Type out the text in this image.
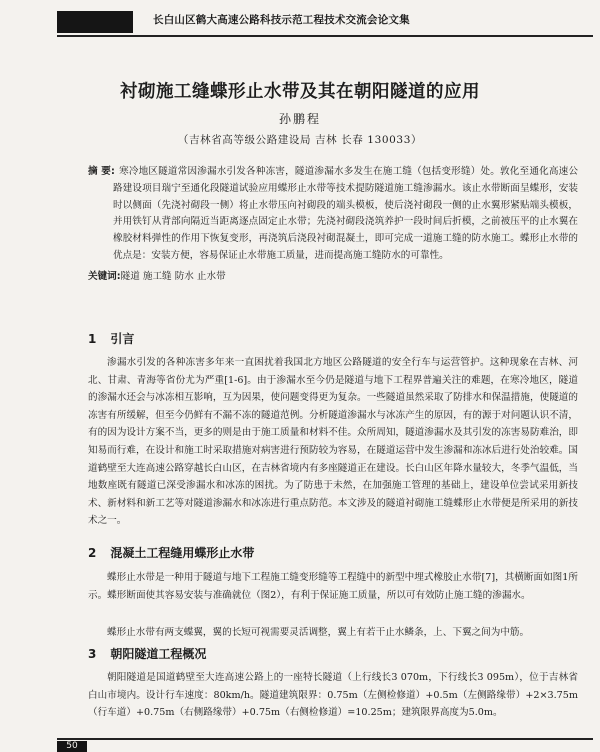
长白山区鹤大高速公路科技示范工程技术交流会论文集
衬砌施工缝蝶形止水带及其在朝阳隧道的应用
孙鹏程
（吉林省高等级公路建设局 吉林 长春 130033）

摘 要: 寒冷地区隧道常因渗漏水引发各种冻害，隧道渗漏水多发生在施工缝（包括变形缝）处。敦化至通化高速公路建设项目瑞宁至通化段隧道试验应用蝶形止水带等技术提防隧道施工缝渗漏水。该止水带断面呈蝶形，安装时以侧面（先浇衬砌段一侧）将止水带压向衬砌段的端头模板，使后浇衬砌段一侧的止水翼形紧贴端头模板，并用铁钉从背部向隔近当距离逐点固定止水带；先浇衬砌段浇筑养护一段时间后折模，之前被压平的止水翼在橡胶材料弹性的作用下恢复变形，再浇筑后浇段衬砌混凝土，即可完成一道施工缝的防水施工。蝶形止水带的优点是：安装方便，容易保证止水带施工质量，进而提高施工缝防水的可靠性。

关键词:隧道 施工缝 防水 止水带
1 引言

渗漏水引发的各种冻害多年来一直困扰着我国北方地区公路隧道的安全行车与运营管护。这种现象在吉林、河北、甘肃、青海等省份尤为严重[1-6]。由于渗漏水至今仍是隧道与地下工程界普遍关注的难题，在寒冷地区，隧道的渗漏水还会与冰冻相互影响，互为因果，使问题变得更为复杂。一些隧道虽然采取了防排水和保温措施，使隧道的冻害有所缓解，但至今仍鲜有不漏不冻的隧道范例。分析隧道渗漏水与冰冻产生的原因，有的源于对问题认识不清，有的因为设计方案不当，更多的则是由于施工质量和材料不佳。众所周知，隧道渗漏水及其引发的冻害易防难治，即知易而行难，在设计和施工时采取措施对病害进行预防较为容易，在隧道运营中发生渗漏和冻冰后进行处治较难。国道鹤壁至大连高速公路穿越长白山区，在吉林省境内有多座隧道正在建设。长白山区年降水量较大，冬季气温低，当地数座既有隧道已深受渗漏水和冰冻的困扰。为了防患于未然，在加强施工管理的基础上，建设单位尝试采用新技术、新材料和新工艺等对隧道渗漏水和冰冻进行重点防范。本文涉及的隧道衬砌施工缝蝶形止水带便是所采用的新技术之一。

2 混凝土工程缝用蝶形止水带

蝶形止水带是一种用于隧道与地下工程施工缝变形缝等工程缝中的新型中埋式橡胶止水带[7]，其横断面如图1所示。蝶形断面使其容易安装与准确就位（图2），有利于保证施工质量，所以可有效防止施工缝的渗漏水。

蝶形止水带有两支蝶翼，翼的长短可视需要灵活调整，翼上有若干止水鳞条，上、下翼之间为中筋。

3 朝阳隧道工程概况

朝阳隧道是国道鹤壁至大连高速公路上的一座特长隧道（上行线长3 070m，下行线长3 095m），位于吉林省白山市境内。设计行车速度：80km/h。隧道建筑限界：0.75m（左侧检修道）+0.5m（左侧路缘带）+2×3.75m（行车道）+0.75m（右侧路缘带）+0.75m（右侧检修道）=10.25m；建筑限界高度为5.0m。

50
